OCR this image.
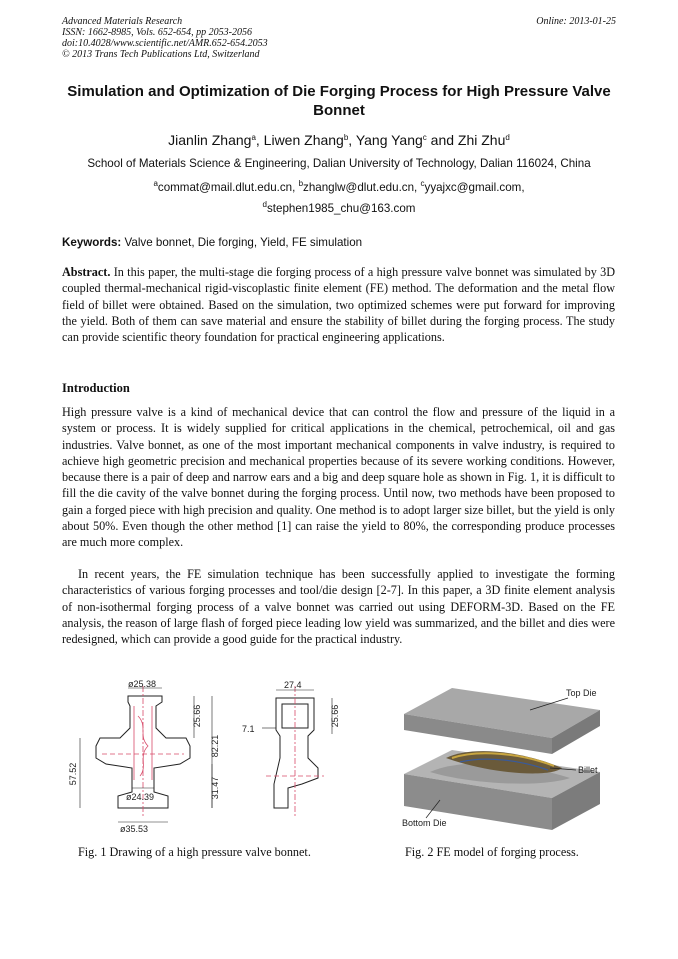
Advanced Materials Research
ISSN: 1662-8985, Vols. 652-654, pp 2053-2056
doi:10.4028/www.scientific.net/AMR.652-654.2053
© 2013 Trans Tech Publications Ltd, Switzerland
Online: 2013-01-25
Simulation and Optimization of Die Forging Process for High Pressure Valve Bonnet
Jianlin Zhang$^a$, Liwen Zhang$^b$, Yang Yang$^c$ and Zhi Zhu$^d$
School of Materials Science & Engineering, Dalian University of Technology, Dalian 116024, China
$^a$commat@mail.dlut.edu.cn, $^b$zhanglw@dlut.edu.cn, $^c$yyajxc@gmail.com,
$^d$stephen1985_chu@163.com
Keywords: Valve bonnet, Die forging, Yield, FE simulation
Abstract. In this paper, the multi-stage die forging process of a high pressure valve bonnet was simulated by 3D coupled thermal-mechanical rigid-viscoplastic finite element (FE) method. The deformation and the metal flow field of billet were obtained. Based on the simulation, two optimized schemes were put forward for improving the yield. Both of them can save material and ensure the stability of billet during the forging process. The study can provide scientific theory foundation for practical engineering applications.
Introduction
High pressure valve is a kind of mechanical device that can control the flow and pressure of the liquid in a system or process. It is widely supplied for critical applications in the chemical, petrochemical, oil and gas industries. Valve bonnet, as one of the most important mechanical components in valve industry, is required to achieve high geometric precision and mechanical properties because of its severe working conditions. However, because there is a pair of deep and narrow ears and a big and deep square hole as shown in Fig. 1, it is difficult to fill the die cavity of the valve bonnet during the forging process. Until now, two methods have been proposed to gain a forged piece with high precision and quality. One method is to adopt larger size billet, but the yield is only about 50%. Even though the other method [1] can raise the yield to 80%, the corresponding produce processes are much more complex.
In recent years, the FE simulation technique has been successfully applied to investigate the forming characteristics of various forging processes and tool/die design [2-7]. In this paper, a 3D finite element analysis of non-isothermal forging process of a valve bonnet was carried out using DEFORM-3D. Based on the FE analysis, the reason of large flash of forged piece leading low yield was summarized, and the billet and dies were redesigned, which can provide a good guide for the practical industry.
ø25.38
25.66
82.21
57.52
31.47
ø24.39
ø35.53
27.4
7.1
25.66
Top Die
Billet
Bottom Die
Fig. 1 Drawing of a high pressure valve bonnet.	Fig. 2 FE model of forging process.
